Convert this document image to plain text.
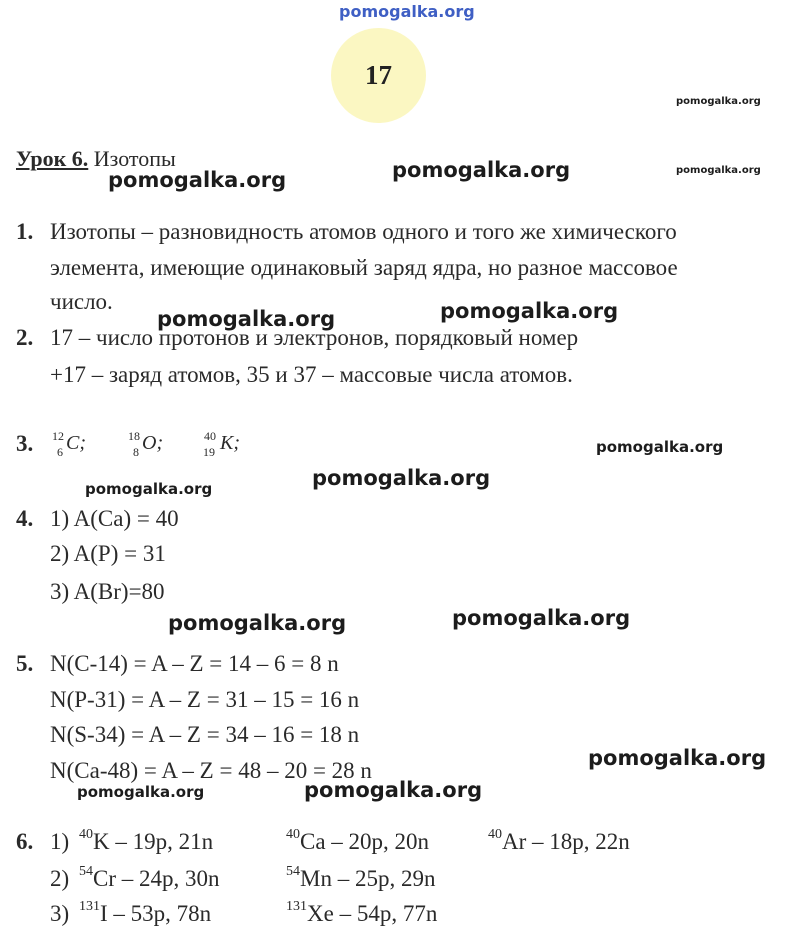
pomogalka.org
17
pomogalka.org
Урок 6. Изотопы
pomogalka.org	pomogalka.org	pomogalka.org
1. Изотопы – разновидность атомов одного и того же химического
элемента, имеющие одинаковый заряд ядра, но разное массовое
число.
2. 17 – число протонов и электронов, порядковый номер
+17 – заряд атомов, 35 и 37 – массовые числа атомов.
pomogalka.org
pomogalka.org
3. 12
6 C;	18
8 O;	40
19 K;	pomogalka.org
pomogalka.org	pomogalka.org
4. 1) A(Ca) = 40
2) A(P) = 31
3) A(Br)=80
pomogalka.org	pomogalka.org
5. N(C-14) = A – Z = 14 – 6 = 8 n
N(P-31) = A – Z = 31 – 15 = 16 n
N(S-34) = A – Z = 34 – 16 = 18 n
N(Ca-48) = A – Z = 48 – 20 = 28 n	pomogalka.org
pomogalka.org	pomogalka.org
6. 1) $^{40}$K – 19p, 21n	$^{40}$Ca – 20p, 20n	$^{40}$Ar – 18p, 22n
2) $^{54}$Cr – 24p, 30n	$^{54}$Mn – 25p, 29n
3) $^{131}$I – 53p, 78n	$^{131}$Xe – 54p, 77n
